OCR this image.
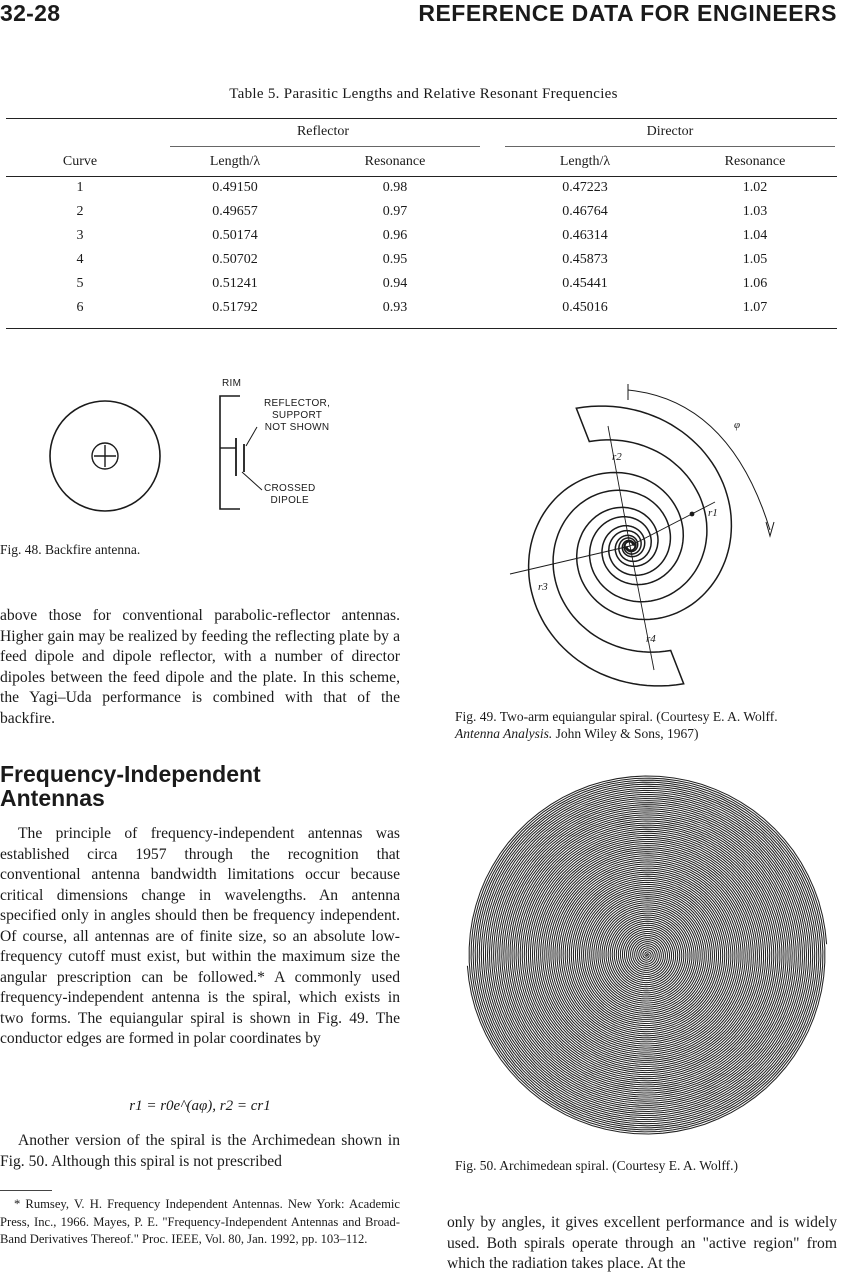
32-28	REFERENCE DATA FOR ENGINEERS
Table 5. Parasitic Lengths and Relative Resonant Frequencies
Reflector	Director
Curve	Length/λ	Resonance	Length/λ	Resonance
1	0.49150	0.98	0.47223	1.02
2	0.49657	0.97	0.46764	1.03
3	0.50174	0.96	0.46314	1.04
4	0.50702	0.95	0.45873	1.05
5	0.51241	0.94	0.45441	1.06
6	0.51792	0.93	0.45016	1.07
RIM
REFLECTOR,
SUPPORT
NOT SHOWN
CROSSED
DIPOLE
Fig. 48. Backfire antenna.
φ
r2
r1
r3
r4
Fig. 49. Two-arm equiangular spiral. (Courtesy E. A. Wolff.
Antenna Analysis. John Wiley & Sons, 1967)
Fig. 50. Archimedean spiral. (Courtesy E. A. Wolff.)
above those for conventional parabolic-reflector antennas. Higher gain may be realized by feeding the reflecting plate by a feed dipole and dipole reflector, with a number of director dipoles between the feed dipole and the plate. In this scheme, the Yagi–Uda performance is combined with that of the backfire.
Frequency-Independent
Antennas
The principle of frequency-independent antennas was established circa 1957 through the recognition that conventional antenna bandwidth limitations occur because critical dimensions change in wavelengths. An antenna specified only in angles should then be frequency independent. Of course, all antennas are of finite size, so an absolute low-frequency cutoff must exist, but within the maximum size the angular prescription can be followed.* A commonly used frequency-independent antenna is the spiral, which exists in two forms. The equiangular spiral is shown in Fig. 49. The conductor edges are formed in polar coordinates by
r1 = r0e^(aφ), r2 = cr1
Another version of the spiral is the Archimedean shown in Fig. 50. Although this spiral is not prescribed
* Rumsey, V. H. Frequency Independent Antennas. New York: Academic Press, Inc., 1966. Mayes, P. E. "Frequency-Independent Antennas and Broad-Band Derivatives Thereof." Proc. IEEE, Vol. 80, Jan. 1992, pp. 103–112.
only by angles, it gives excellent performance and is widely used. Both spirals operate through an "active region" from which the radiation takes place. At the
